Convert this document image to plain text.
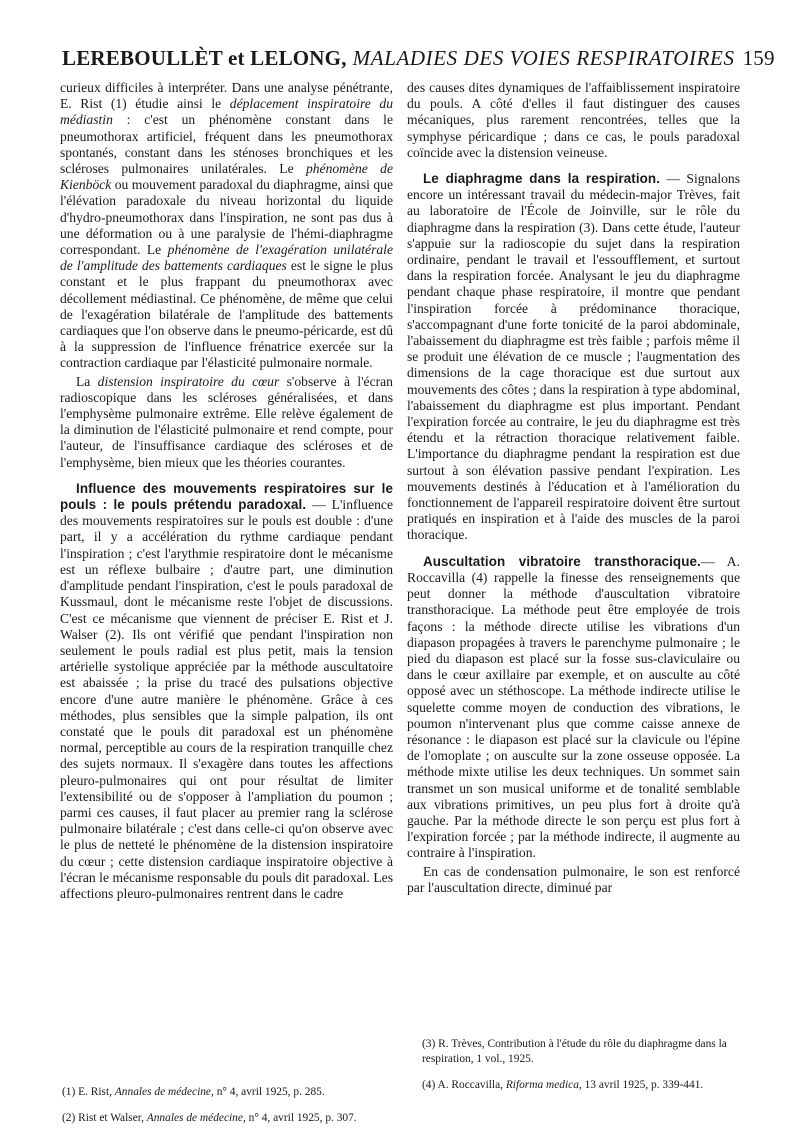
LEREBOULLÈT et LELONG, MALADIES DES VOIES RESPIRATOIRES 159

curieux difficiles à interpréter. Dans une analyse pénétrante, E. Rist (1) étudie ainsi le déplacement inspiratoire du médiastin : c'est un phénomène constant dans le pneumothorax artificiel, fréquent dans les pneumothorax spontanés, constant dans les sténoses bronchiques et les scléroses pulmonaires unilatérales. Le phénomène de Kienböck ou mouvement paradoxal du diaphragme, ainsi que l'élévation paradoxale du niveau horizontal du liquide d'hydro-pneumothorax dans l'inspiration, ne sont pas dus à une déformation ou à une paralysie de l'hémi-diaphragme correspondant. Le phénomène de l'exagération unilatérale de l'amplitude des battements cardiaques est le signe le plus constant et le plus frappant du pneumothorax avec décollement médiastinal. Ce phénomène, de même que celui de l'exagération bilatérale de l'amplitude des battements cardiaques que l'on observe dans le pneumo-péricarde, est dû à la suppression de l'influence frénatrice exercée sur la contraction cardiaque par l'élasticité pulmonaire normale.

La distension inspiratoire du cœur s'observe à l'écran radioscopique dans les scléroses généralisées, et dans l'emphysème pulmonaire extrême. Elle relève également de la diminution de l'élasticité pulmonaire et rend compte, pour l'auteur, de l'insuffisance cardiaque des scléroses et de l'emphysème, bien mieux que les théories courantes.

Influence des mouvements respiratoires sur le pouls : le pouls prétendu paradoxal. — L'influence des mouvements respiratoires sur le pouls est double : d'une part, il y a accélération du rythme cardiaque pendant l'inspiration ; c'est l'arythmie respiratoire dont le mécanisme est un réflexe bulbaire ; d'autre part, une diminution d'amplitude pendant l'inspiration, c'est le pouls paradoxal de Kussmaul, dont le mécanisme reste l'objet de discussions. C'est ce mécanisme que viennent de préciser E. Rist et J. Walser (2). Ils ont vérifié que pendant l'inspiration non seulement le pouls radial est plus petit, mais la tension artérielle systolique appréciée par la méthode auscultatoire est abaissée ; la prise du tracé des pulsations objective encore d'une autre manière le phénomène. Grâce à ces méthodes, plus sensibles que la simple palpation, ils ont constaté que le pouls dit paradoxal est un phénomène normal, perceptible au cours de la respiration tranquille chez des sujets normaux. Il s'exagère dans toutes les affections pleuro-pulmonaires qui ont pour résultat de limiter l'extensibilité ou de s'opposer à l'ampliation du poumon ; parmi ces causes, il faut placer au premier rang la sclérose pulmonaire bilatérale ; c'est dans celle-ci qu'on observe avec le plus de netteté le phénomène de la distension inspiratoire du cœur ; cette distension cardiaque inspiratoire objective à l'écran le mécanisme responsable du pouls dit paradoxal. Les affections pleuro-pulmonaires rentrent dans le cadre

(1) E. Rist, Annales de médecine, n° 4, avril 1925, p. 285.

(2) Rist et Walser, Annales de médecine, n° 4, avril 1925, p. 307.

des causes dites dynamiques de l'affaiblissement inspiratoire du pouls. A côté d'elles il faut distinguer des causes mécaniques, plus rarement rencontrées, telles que la symphyse péricardique ; dans ce cas, le pouls paradoxal coïncide avec la distension veineuse.

Le diaphragme dans la respiration. — Signalons encore un intéressant travail du médecin-major Trèves, fait au laboratoire de l'École de Joinville, sur le rôle du diaphragme dans la respiration (3). Dans cette étude, l'auteur s'appuie sur la radioscopie du sujet dans la respiration ordinaire, pendant le travail et l'essoufflement, et surtout dans la respiration forcée. Analysant le jeu du diaphragme pendant chaque phase respiratoire, il montre que pendant l'inspiration forcée à prédominance thoracique, s'accompagnant d'une forte tonicité de la paroi abdominale, l'abaissement du diaphragme est très faible ; parfois même il se produit une élévation de ce muscle ; l'augmentation des dimensions de la cage thoracique est due surtout aux mouvements des côtes ; dans la respiration à type abdominal, l'abaissement du diaphragme est plus important. Pendant l'expiration forcée au contraire, le jeu du diaphragme est très étendu et la rétraction thoracique relativement faible. L'importance du diaphragme pendant la respiration est due surtout à son élévation passive pendant l'expiration. Les mouvements destinés à l'éducation et à l'amélioration du fonctionnement de l'appareil respiratoire doivent être surtout pratiqués en inspiration et à l'aide des muscles de la paroi thoracique.

Auscultation vibratoire transthoracique.— A. Roccavilla (4) rappelle la finesse des renseignements que peut donner la méthode d'auscultation vibratoire transthoracique. La méthode peut être employée de trois façons : la méthode directe utilise les vibrations d'un diapason propagées à travers le parenchyme pulmonaire ; le pied du diapason est placé sur la fosse sus-claviculaire ou dans le cœur axillaire par exemple, et on ausculte au côté opposé avec un stéthoscope. La méthode indirecte utilise le squelette comme moyen de conduction des vibrations, le poumon n'intervenant plus que comme caisse annexe de résonance : le diapason est placé sur la clavicule ou l'épine de l'omoplate ; on ausculte sur la zone osseuse opposée. La méthode mixte utilise les deux techniques. Un sommet sain transmet un son musical uniforme et de tonalité semblable aux vibrations primitives, un peu plus fort à droite qu'à gauche. Par la méthode directe le son perçu est plus fort à l'expiration forcée ; par la méthode indirecte, il augmente au contraire à l'inspiration.

En cas de condensation pulmonaire, le son est renforcé par l'auscultation directe, diminué par

(3) R. Trèves, Contribution à l'étude du rôle du diaphragme dans la respiration, 1 vol., 1925.

(4) A. Roccavilla, Riforma medica, 13 avril 1925, p. 339-441.
